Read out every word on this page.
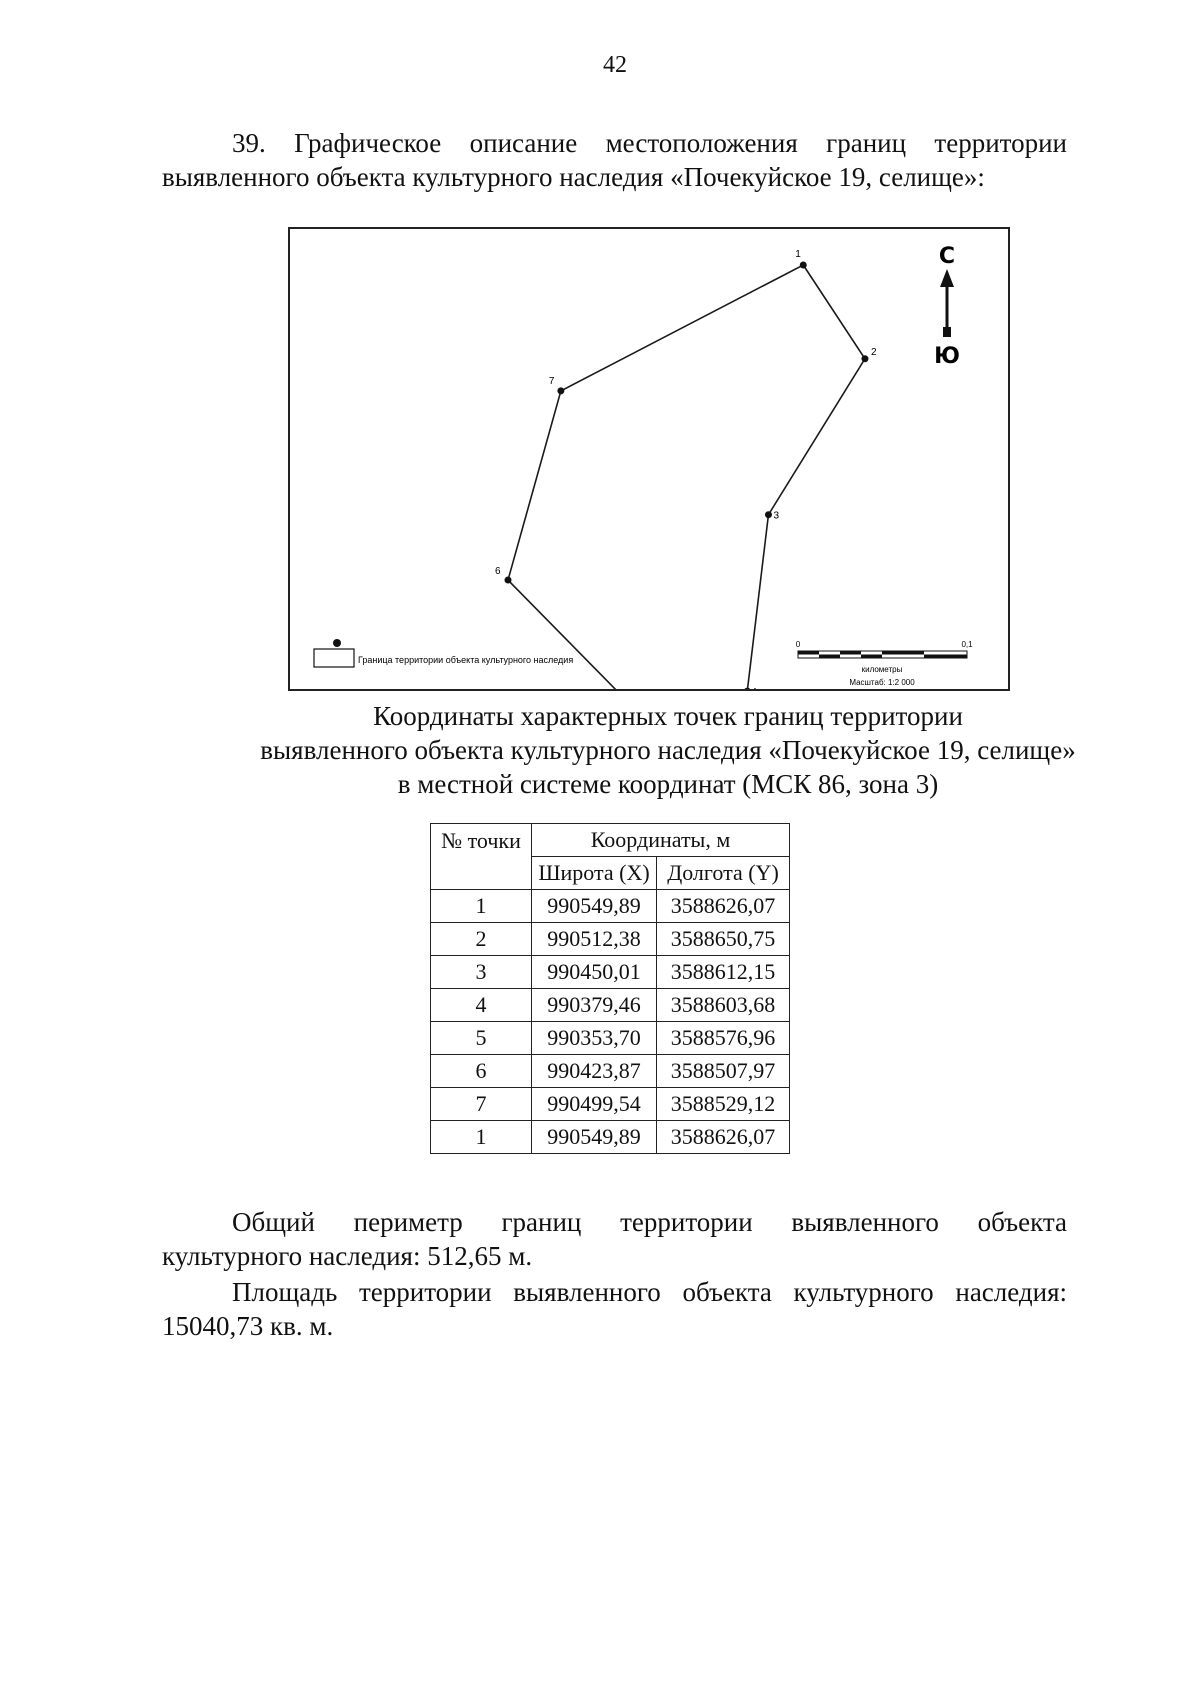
42
39. Графическое описание местоположения границ территории
выявленного объекта культурного наследия «Почекуйское 19, селище»:
1
2
3
6
7
С
Ю
Граница территории объекта культурного наследия
0	0,1
километры
Масштаб: 1:2 000
Координаты характерных точек границ территории
выявленного объекта культурного наследия «Почекуйское 19, селище»
в местной системе координат (МСК 86, зона 3)
№ точки	Координаты, м	
	Широта (X)	Долгота (Y)
1	990549,89	3588626,07
2	990512,38	3588650,75
3	990450,01	3588612,15
4	990379,46	3588603,68
5	990353,70	3588576,96
6	990423,87	3588507,97
7	990499,54	3588529,12
1	990549,89	3588626,07
Общий периметр границ территории выявленного объекта
культурного наследия: 512,65 м.
Площадь территории выявленного объекта культурного наследия:
15040,73 кв. м.
